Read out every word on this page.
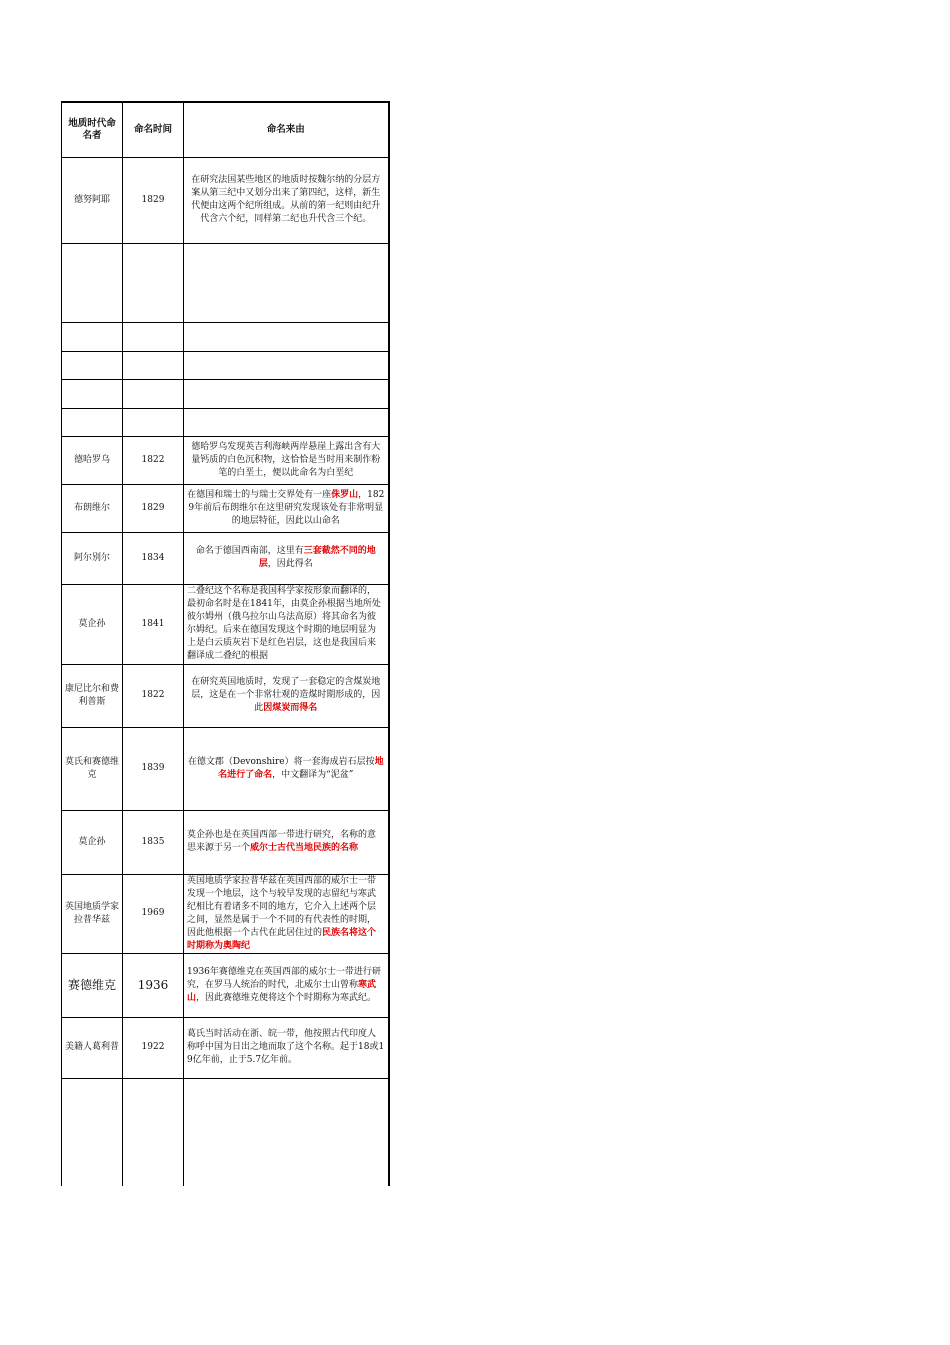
地质时代命名者	命名时间	命名来由
德努阿耶	1829	在研究法国某些地区的地质时按魏尔纳的分层方案从第三纪中又划分出来了第四纪，这样，新生代便由这两个纪所组成。从前的第一纪则由纪升代含六个纪，同样第二纪也升代含三个纪。

德哈罗乌	1822	德哈罗乌发现英吉利海峡两岸悬崖上露出含有大量钙质的白色沉积物，这恰恰是当时用来制作粉笔的白垩土，便以此命名为白垩纪
布朗维尔	1829	在德国和瑞士的与瑞士交界处有一座侏罗山，1829年前后布朗维尔在这里研究发现该处有非常明显的地层特征，因此以山命名
阿尔别尔	1834	命名于德国西南部，这里有三套截然不同的地层，因此得名
莫企孙	1841	二叠纪这个名称是我国科学家按形象而翻译的，最初命名时是在1841年，由莫企孙根据当地所处彼尔姆州（俄乌拉尔山乌法高原）将其命名为彼尔姆纪。后来在德国发现这个时期的地层明显为上是白云质灰岩下是红色岩层，这也是我国后来翻译成二叠纪的根据
康尼比尔和费利普斯	1822	在研究英国地质时，发现了一套稳定的含煤炭地层，这是在一个非常壮观的造煤时期形成的，因此因煤炭而得名
莫氏和赛德维克	1839	在德文郡（Devonshire）将一套海成岩石层按地名进行了命名，中文翻译为“泥盆”
莫企孙	1835	莫企孙也是在英国西部一带进行研究，名称的意思来源于另一个威尔士古代当地民族的名称
英国地质学家拉普华兹	1969	英国地质学家拉普华兹在英国西部的威尔士一带发现一个地层，这个与较早发现的志留纪与寒武纪相比有着诸多不同的地方，它介入上述两个层之间，显然是属于一个不同的有代表性的时期，因此他根据一个古代在此居住过的民族名将这个时期称为奥陶纪
赛德维克	1936	1936年赛德维克在英国西部的威尔士一带进行研究，在罗马人统治的时代，北威尔士山曾称寒武山，因此赛德维克便将这个个时期称为寒武纪。
美籍人葛利普	1922	葛氏当时活动在浙、皖一带，他按照古代印度人称呼中国为日出之地而取了这个名称。起于18或19亿年前，止于5.7亿年前。
